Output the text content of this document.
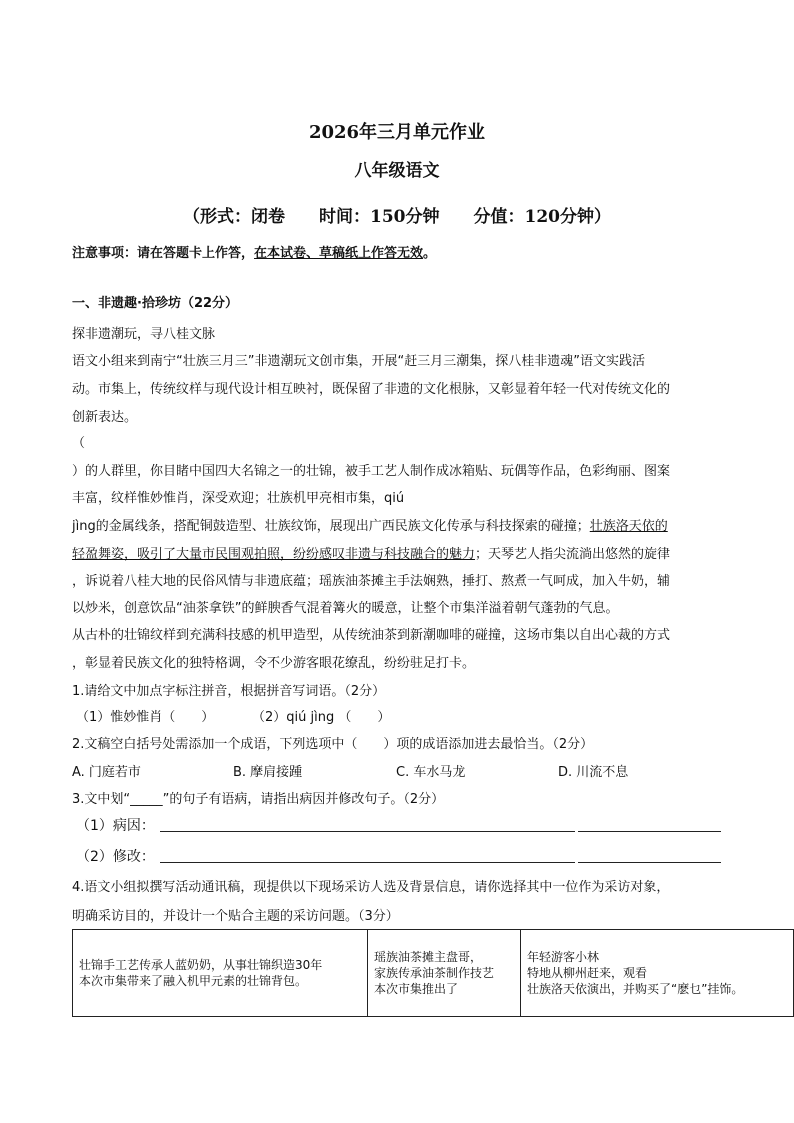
2026年三月单元作业
八年级语文
（形式：闭卷　　时间：150分钟　　分值：120分钟）
注意事项：请在答题卡上作答，在本试卷、草稿纸上作答无效。
一、非遗趣·拾珍坊（22分）
探非遗潮玩，寻八桂文脉
语文小组来到南宁“壮族三月三”非遗潮玩文创市集，开展“赶三月三潮集，探八桂非遗魂”语文实践活
动。市集上，传统纹样与现代设计相互映衬，既保留了非遗的文化根脉，又彰显着年轻一代对传统文化的
创新表达。
（
）的人群里，你目睹中国四大名锦之一的壮锦，被手工艺人制作成冰箱贴、玩偶等作品，色彩绚丽、图案
丰富，纹样惟妙惟肖，深受欢迎；壮族机甲亮相市集，qiú
jìng的金属线条，搭配铜鼓造型、壮族纹饰，展现出广西民族文化传承与科技探索的碰撞；壮族洛天依的
轻盈舞姿，吸引了大量市民围观拍照，纷纷感叹非遗与科技融合的魅力；天琴艺人指尖流淌出悠然的旋律
，诉说着八桂大地的民俗风情与非遗底蕴；瑶族油茶摊主手法娴熟，捶打、熬煮一气呵成，加入牛奶，辅
以炒米，创意饮品“油茶拿铁”的鲜腴香气混着篝火的暖意，让整个市集洋溢着朝气蓬勃的气息。
从古朴的壮锦纹样到充满科技感的机甲造型，从传统油茶到新潮咖啡的碰撞，这场市集以自出心裁的方式
，彰显着民族文化的独特格调，令不少游客眼花缭乱，纷纷驻足打卡。
1.请给文中加点字标注拼音，根据拼音写词语。（2分）
（1）惟妙惟肖（　　）	（2）qiú jìng （　　）
2.文稿空白括号处需添加一个成语，下列选项中（　　）项的成语添加进去最恰当。（2分）
A. 门庭若市	B. 摩肩接踵	C. 车水马龙	D. 川流不息
3.文中划“_____”的句子有语病，请指出病因并修改句子。（2分）
（1）病因：
（2）修改：
4.语文小组拟撰写活动通讯稿，现提供以下现场采访人选及背景信息，请你选择其中一位作为采访对象，
明确采访目的，并设计一个贴合主题的采访问题。（3分）
壮锦手工艺传承人蓝奶奶，从事壮锦织造30年
本次市集带来了融入机甲元素的壮锦背包。

瑶族油茶摊主盘哥，
家族传承油茶制作技艺
本次市集推出了

年轻游客小林
特地从柳州赶来，观看
壮族洛天依演出，并购买了“麽乜”挂饰。
